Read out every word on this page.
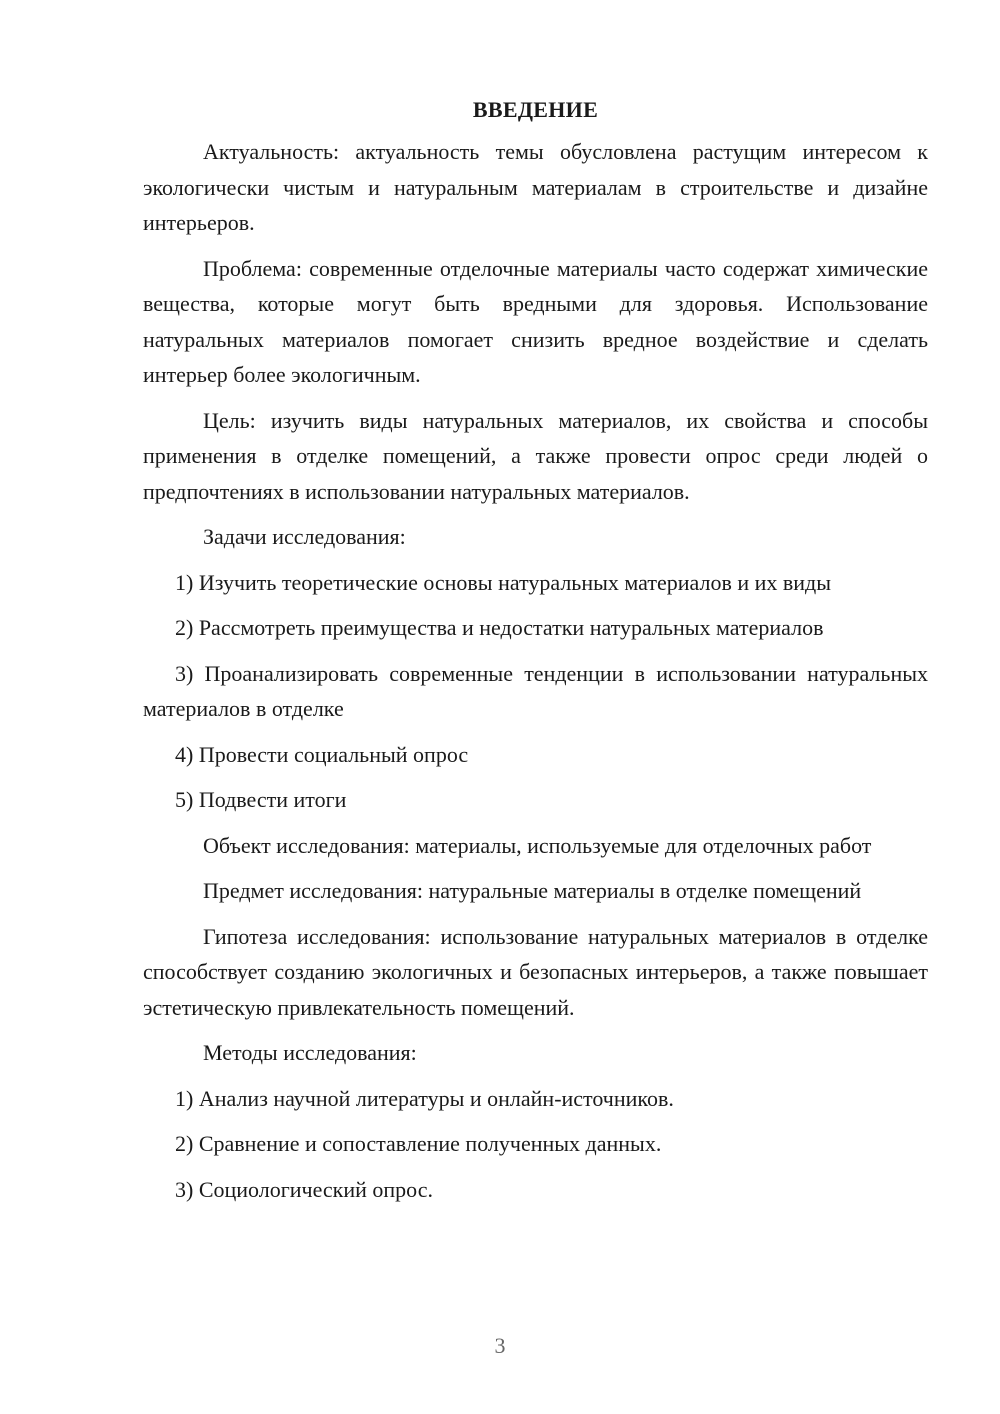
ВВЕДЕНИЕ

Актуальность: актуальность темы обусловлена растущим интересом к экологически чистым и натуральным материалам в строительстве и дизайне интерьеров.

Проблема: современные отделочные материалы часто содержат химические вещества, которые могут быть вредными для здоровья. Использование натуральных материалов помогает снизить вредное воздействие и сделать интерьер более экологичным.

Цель: изучить виды натуральных материалов, их свойства и способы применения в отделке помещений, а также провести опрос среди людей о предпочтениях в использовании натуральных материалов.

Задачи исследования:

1) Изучить теоретические основы натуральных материалов и их виды

2) Рассмотреть преимущества и недостатки натуральных материалов

3) Проанализировать современные тенденции в использовании натуральных материалов в отделке

4) Провести социальный опрос

5) Подвести итоги

Объект исследования: материалы, используемые для отделочных работ

Предмет исследования: натуральные материалы в отделке помещений

Гипотеза исследования: использование натуральных материалов в отделке способствует созданию экологичных и безопасных интерьеров, а также повышает эстетическую привлекательность помещений.

Методы исследования:

1) Анализ научной литературы и онлайн-источников.

2) Сравнение и сопоставление полученных данных.

3) Социологический опрос.

3
